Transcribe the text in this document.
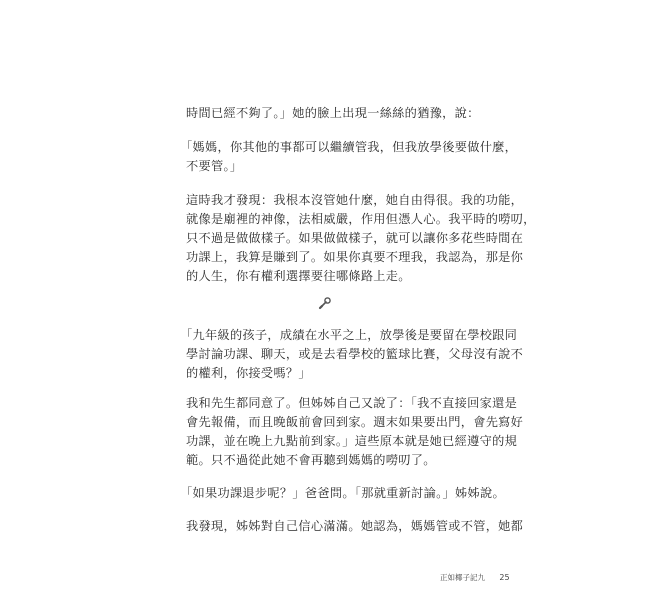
時間已經不夠了。」她的臉上出現一絲絲的猶豫，說：

「媽媽，你其他的事都可以繼續管我，但我放學後要做什麼，
不要管。」

這時我才發現：我根本沒管她什麼，她自由得很。我的功能，
就像是廟裡的神像，法相威嚴，作用但憑人心。我平時的嘮叨，
只不過是做做樣子。如果做做樣子，就可以讓你多花些時間在
功課上，我算是賺到了。如果你真要不理我，我認為，那是你
的人生，你有權利選擇要往哪條路上走。

「九年級的孩子，成績在水平之上，放學後是要留在學校跟同
學討論功課、聊天，或是去看學校的籃球比賽，父母沒有說不
的權利，你接受嗎？」

我和先生都同意了。但姊姊自己又說了：「我不直接回家還是
會先報備，而且晚飯前會回到家。週末如果要出門，會先寫好
功課，並在晚上九點前到家。」這些原本就是她已經遵守的規
範。只不過從此她不會再聽到媽媽的嘮叨了。

「如果功課退步呢？」爸爸問。「那就重新討論。」姊姊說。

我發現，姊姊對自己信心滿滿。她認為，媽媽管或不管，她都

正如椰子記九 25
